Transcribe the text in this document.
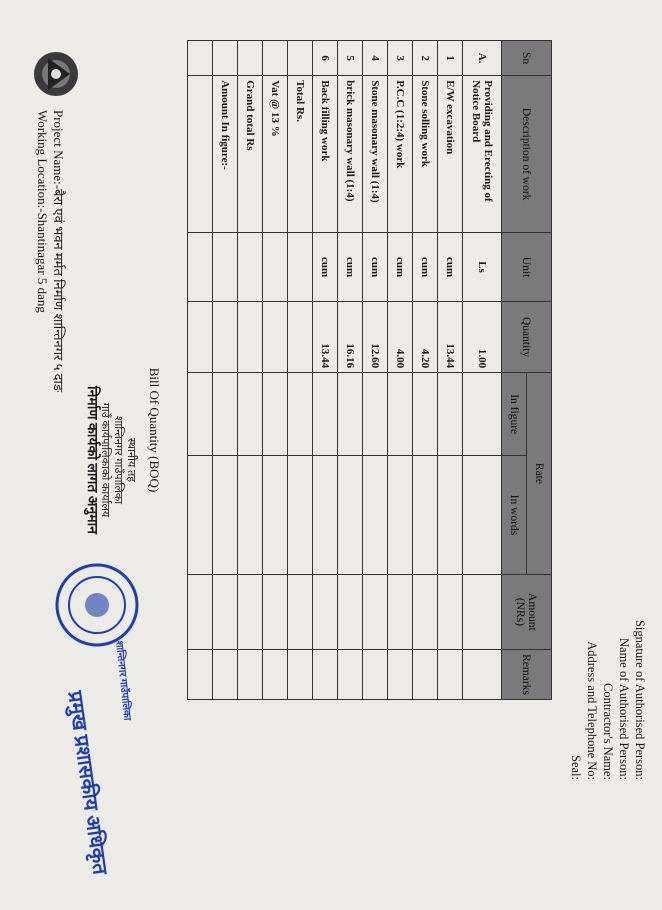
Project Name:-बैरा एवं भवन मर्मत निर्माण शान्तिनगर ५ दाङ
Working Location:-Shantinagar 5 dang
स्थानीय तह
शान्तिनगर गाउँपालिका
गाउँ कार्यपालिकाको कार्यालय
निर्माण कार्यको लागत अनुमान	Bill Of Quantity (BOQ)
शान्तिनगर गाउँपालिका
प्रमुख प्रशासकीय अधिकृत
Sn	Description of work	Unit	Quantity	Rate		Amount (NRs)	Remarks
				In figure	In words		
A.	Providing and Erecting of Notice Board	Ls	1.00				
1	E/W excavation	cum	13.44				
2	Stone solling work	cum	4.20				
3	P.C.C (1:2:4) work	cum	4.00				
4	Stone masonary wall (1:4)	cum	12.60				
5	brick masonary wall (1:4)	cum	16.16				
6	Back filling work	cum	13.44				
	Total Rs.						
	Vat @ 13 %						
	Grand total Rs						
	Amount In figure:-						

Signature of Authorised Person:
Name of Authorised Person:
Contractor's Name:
Address and Telephone No:
Seal:
